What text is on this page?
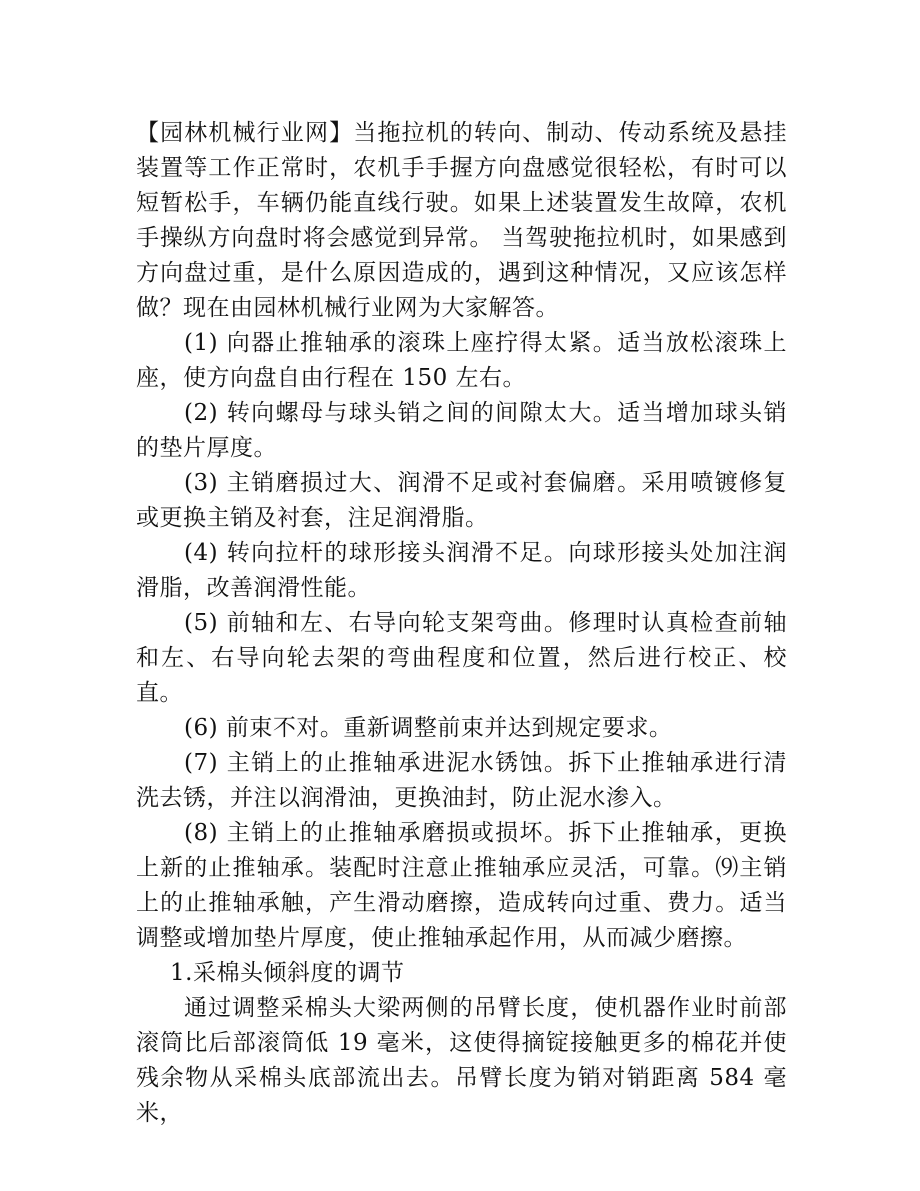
【园林机械行业网】当拖拉机的转向、制动、传动系统及悬挂装置等工作正常时，农机手手握方向盘感觉很轻松，有时可以短暂松手，车辆仍能直线行驶。如果上述装置发生故障，农机手操纵方向盘时将会感觉到异常。 当驾驶拖拉机时，如果感到方向盘过重，是什么原因造成的，遇到这种情况，又应该怎样做？现在由园林机械行业网为大家解答。

(1) 向器止推轴承的滚珠上座拧得太紧。适当放松滚珠上座，使方向盘自由行程在 150 左右。

(2) 转向螺母与球头销之间的间隙太大。适当增加球头销的垫片厚度。

(3) 主销磨损过大、润滑不足或衬套偏磨。采用喷镀修复或更换主销及衬套，注足润滑脂。

(4) 转向拉杆的球形接头润滑不足。向球形接头处加注润滑脂，改善润滑性能。

(5) 前轴和左、右导向轮支架弯曲。修理时认真检查前轴和左、右导向轮去架的弯曲程度和位置，然后进行校正、校直。

(6) 前束不对。重新调整前束并达到规定要求。

(7) 主销上的止推轴承进泥水锈蚀。拆下止推轴承进行清洗去锈，并注以润滑油，更换油封，防止泥水渗入。

(8) 主销上的止推轴承磨损或损坏。拆下止推轴承，更换上新的止推轴承。装配时注意止推轴承应灵活，可靠。⑼主销上的止推轴承触，产生滑动磨擦，造成转向过重、费力。适当调整或增加垫片厚度，使止推轴承起作用，从而减少磨擦。

1.采棉头倾斜度的调节

通过调整采棉头大梁两侧的吊臂长度，使机器作业时前部滚筒比后部滚筒低 19 毫米，这使得摘锭接触更多的棉花并使残余物从采棉头底部流出去。吊臂长度为销对销距离 584 毫米，
